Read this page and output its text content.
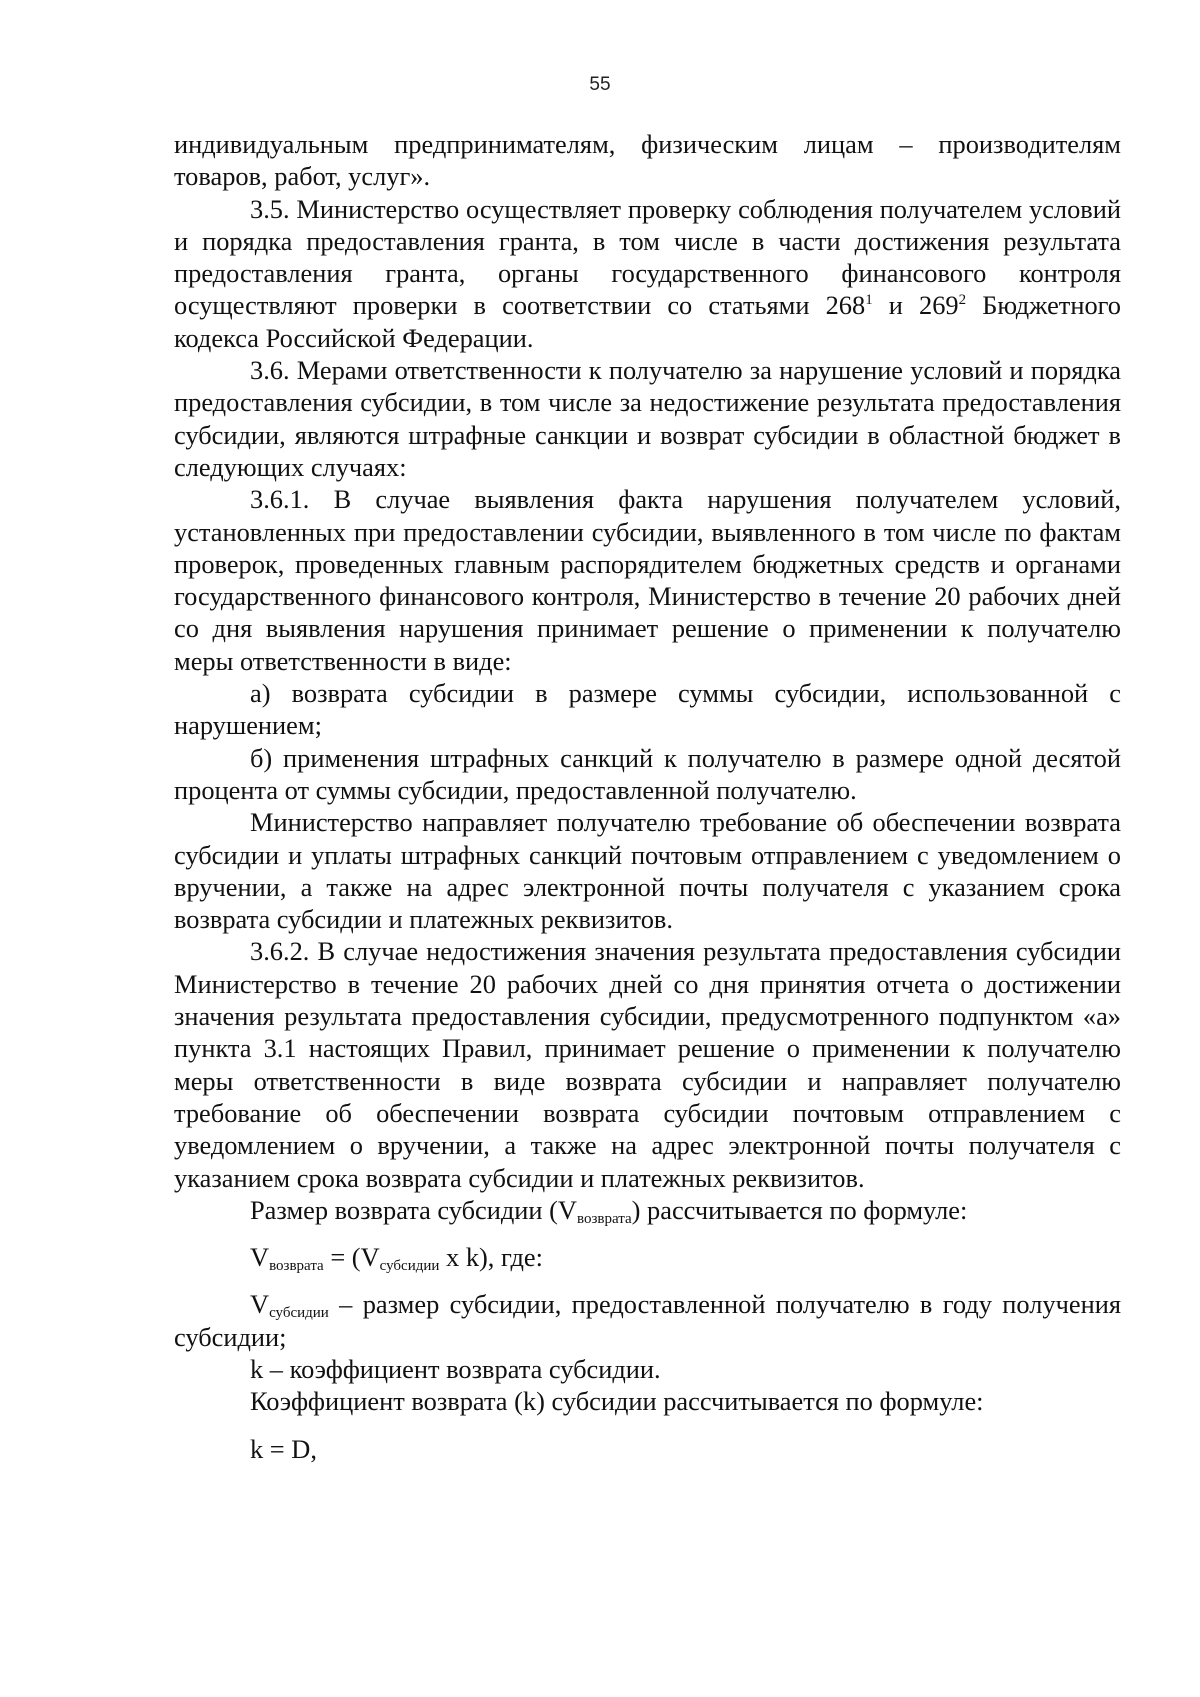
55

индивидуальным предпринимателям, физическим лицам – производителям товаров, работ, услуг».

3.5. Министерство осуществляет проверку соблюдения получателем условий и порядка предоставления гранта, в том числе в части достижения результата предоставления гранта, органы государственного финансового контроля осуществляют проверки в соответствии со статьями $268^1$ и $269^2$ Бюджетного кодекса Российской Федерации.

3.6. Мерами ответственности к получателю за нарушение условий и порядка предоставления субсидии, в том числе за недостижение результата предоставления субсидии, являются штрафные санкции и возврат субсидии в областной бюджет в следующих случаях:

3.6.1. В случае выявления факта нарушения получателем условий, установленных при предоставлении субсидии, выявленного в том числе по фактам проверок, проведенных главным распорядителем бюджетных средств и органами государственного финансового контроля, Министерство в течение 20 рабочих дней со дня выявления нарушения принимает решение о применении к получателю меры ответственности в виде:

а) возврата субсидии в размере суммы субсидии, использованной с нарушением;

б) применения штрафных санкций к получателю в размере одной десятой процента от суммы субсидии, предоставленной получателю.

Министерство направляет получателю требование об обеспечении возврата субсидии и уплаты штрафных санкций почтовым отправлением с уведомлением о вручении, а также на адрес электронной почты получателя с указанием срока возврата субсидии и платежных реквизитов.

3.6.2. В случае недостижения значения результата предоставления субсидии Министерство в течение 20 рабочих дней со дня принятия отчета о достижении значения результата предоставления субсидии, предусмотренного подпунктом «а» пункта 3.1 настоящих Правил, принимает решение о применении к получателю меры ответственности в виде возврата субсидии и направляет получателю требование об обеспечении возврата субсидии почтовым отправлением с уведомлением о вручении, а также на адрес электронной почты получателя с указанием срока возврата субсидии и платежных реквизитов.

Размер возврата субсидии $(V_{возврата})$ рассчитывается по формуле:

$V_{возврата} = (V_{субсидии}$ x k), где:

$V_{субсидии}$ – размер субсидии, предоставленной получателю в году получения субсидии;

k – коэффициент возврата субсидии.

Коэффициент возврата (k) субсидии рассчитывается по формуле:

k = D,
